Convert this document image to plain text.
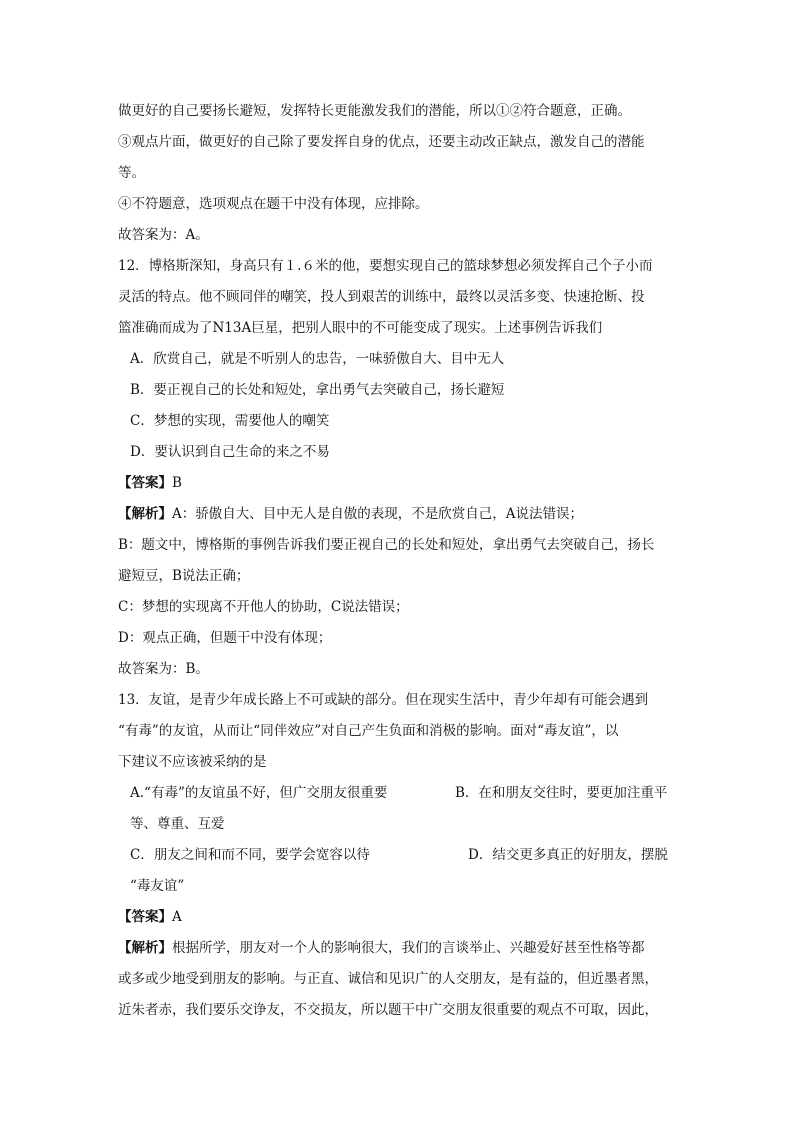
做更好的自己要扬长避短，发挥特长更能激发我们的潜能，所以①②符合题意，正确。
③观点片面，做更好的自己除了要发挥自身的优点，还要主动改正缺点，激发自己的潜能
等。
④不符题意，选项观点在题干中没有体现，应排除。
故答案为：A。
12．博格斯深知，身高只有１.６米的他，要想实现自己的篮球梦想必须发挥自己个子小而
灵活的特点。他不顾同伴的嘲笑，投人到艰苦的训练中，最终以灵活多变、快速抢断、投
篮准确而成为了N13A巨星，把别人眼中的不可能变成了现实。上述事例告诉我们
A．欣赏自己，就是不听别人的忠告，一味骄傲自大、目中无人
B．要正视自己的长处和短处，拿出勇气去突破自己，扬长避短
C．梦想的实现，需要他人的嘲笑
D．要认识到自己生命的来之不易
【答案】B
【解析】A：骄傲自大、目中无人是自傲的表现，不是欣赏自己，A说法错误；
B：题文中，博格斯的事例告诉我们要正视自己的长处和短处，拿出勇气去突破自己，扬长
避短豆，B说法正确；
C：梦想的实现离不开他人的协助，C说法错误；
D：观点正确，但题干中没有体现；
故答案为：B。
13．友谊，是青少年成长路上不可或缺的部分。但在现实生活中，青少年却有可能会遇到
“有毒”的友谊，从而让“同伴效应”对自己产生负面和消极的影响。面对“毒友谊”，以
下建议不应该被采纳的是
A.“有毒”的友谊虽不好，但广交朋友很重要	B．在和朋友交往时，要更加注重平
等、尊重、互爱
C．朋友之间和而不同，要学会宽容以待	D．结交更多真正的好朋友，摆脱
“毒友谊”
【答案】A
【解析】根据所学，朋友对一个人的影响很大，我们的言谈举止、兴趣爱好甚至性格等都
或多或少地受到朋友的影响。与正直、诚信和见识广的人交朋友，是有益的，但近墨者黑，
近朱者赤，我们要乐交诤友，不交损友，所以题干中广交朋友很重要的观点不可取，因此，
